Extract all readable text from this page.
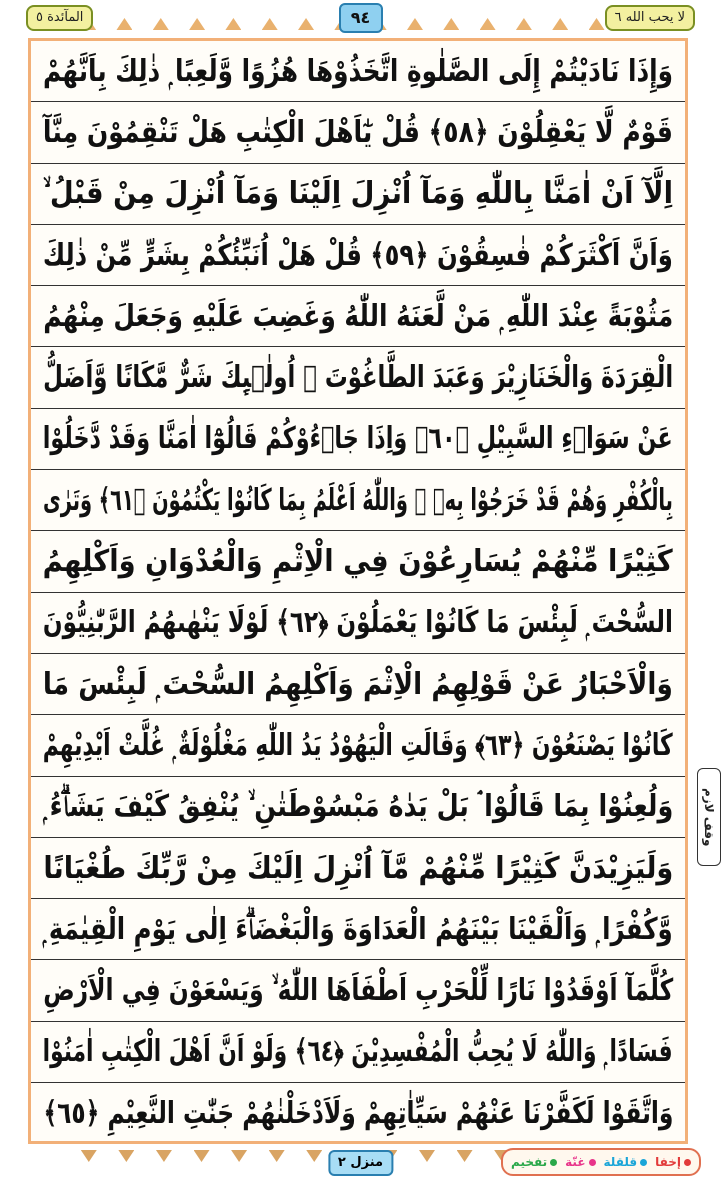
المآئدة ٥	٩٤	لا يحب الله ٦
وَإِذَا نَادَيْتُمْ إِلَى الصَّلٰوةِ اتَّخَذُوْهَا هُزُوًا وَّلَعِبًا ۭ ذٰلِكَ بِاَنَّهُمْ
قَوْمٌ لَّا يَعْقِلُوْنَ ﴿٥٨﴾ قُلْ يٰٓاَهْلَ الْكِتٰبِ هَلْ تَنْقِمُوْنَ مِنَّآ
اِلَّآ اَنْ اٰمَنَّا بِاللّٰهِ وَمَآ اُنْزِلَ اِلَيْنَا وَمَآ اُنْزِلَ مِنْ قَبْلُ ۙ
وَاَنَّ اَكْثَرَكُمْ فٰسِقُوْنَ ﴿٥٩﴾ قُلْ هَلْ اُنَبِّئُكُمْ بِشَرٍّ مِّنْ ذٰلِكَ
مَثُوْبَةً عِنْدَ اللّٰهِ ۭ مَنْ لَّعَنَهُ اللّٰهُ وَغَضِبَ عَلَيْهِ وَجَعَلَ مِنْهُمُ
الْقِرَدَةَ وَالْخَنَازِيْرَ وَعَبَدَ الطَّاغُوْتَ ۭ اُولٰۗىِٕكَ شَرٌّ مَّكَانًا وَّاَضَلُّ
عَنْ سَوَاۗءِ السَّبِيْلِ ﴿٦٠﴾ وَاِذَا جَاۗءُوْكُمْ قَالُوْٓا اٰمَنَّا وَقَدْ دَّخَلُوْا
بِالْكُفْرِ وَهُمْ قَدْ خَرَجُوْا بِهٖ ۭ وَاللّٰهُ اَعْلَمُ بِمَا كَانُوْا يَكْتُمُوْنَ ﴿٦١﴾ وَتَرٰى
كَثِيْرًا مِّنْهُمْ يُسَارِعُوْنَ فِي الْاِثْمِ وَالْعُدْوَانِ وَاَكْلِهِمُ
السُّحْتَ ۭ لَبِئْسَ مَا كَانُوْا يَعْمَلُوْنَ ﴿٦٢﴾ لَوْلَا يَنْهٰىهُمُ الرَّبّٰنِيُّوْنَ
وَالْاَحْبَارُ عَنْ قَوْلِهِمُ الْاِثْمَ وَاَكْلِهِمُ السُّحْتَ ۭ لَبِئْسَ مَا
كَانُوْا يَصْنَعُوْنَ ﴿٦٣﴾ وَقَالَتِ الْيَهُوْدُ يَدُ اللّٰهِ مَغْلُوْلَةٌ ۭ غُلَّتْ اَيْدِيْهِمْ
وَلُعِنُوْا بِمَا قَالُوْا ۘ بَلْ يَدٰهُ مَبْسُوْطَتٰنِ ۙ يُنْفِقُ كَيْفَ يَشَاۗءُ ۭ
وَلَيَزِيْدَنَّ كَثِيْرًا مِّنْهُمْ مَّآ اُنْزِلَ اِلَيْكَ مِنْ رَّبِّكَ طُغْيَانًا
وَّكُفْرًا ۭ وَاَلْقَيْنَا بَيْنَهُمُ الْعَدَاوَةَ وَالْبَغْضَاۗءَ اِلٰى يَوْمِ الْقِيٰمَةِ ۭ
كُلَّمَآ اَوْقَدُوْا نَارًا لِّلْحَرْبِ اَطْفَاَهَا اللّٰهُ ۙ وَيَسْعَوْنَ فِي الْاَرْضِ
فَسَادًا ۭ وَاللّٰهُ لَا يُحِبُّ الْمُفْسِدِيْنَ ﴿٦٤﴾ وَلَوْ اَنَّ اَهْلَ الْكِتٰبِ اٰمَنُوْا
وَاتَّقَوْا لَكَفَّرْنَا عَنْهُمْ سَيِّاٰتِهِمْ وَلَاَدْخَلْنٰهُمْ جَنّٰتِ النَّعِيْمِ ﴿٦٥﴾
وقف لازم
منزل ٢	إخفا
قلقلة
غنّة
تفخيم
